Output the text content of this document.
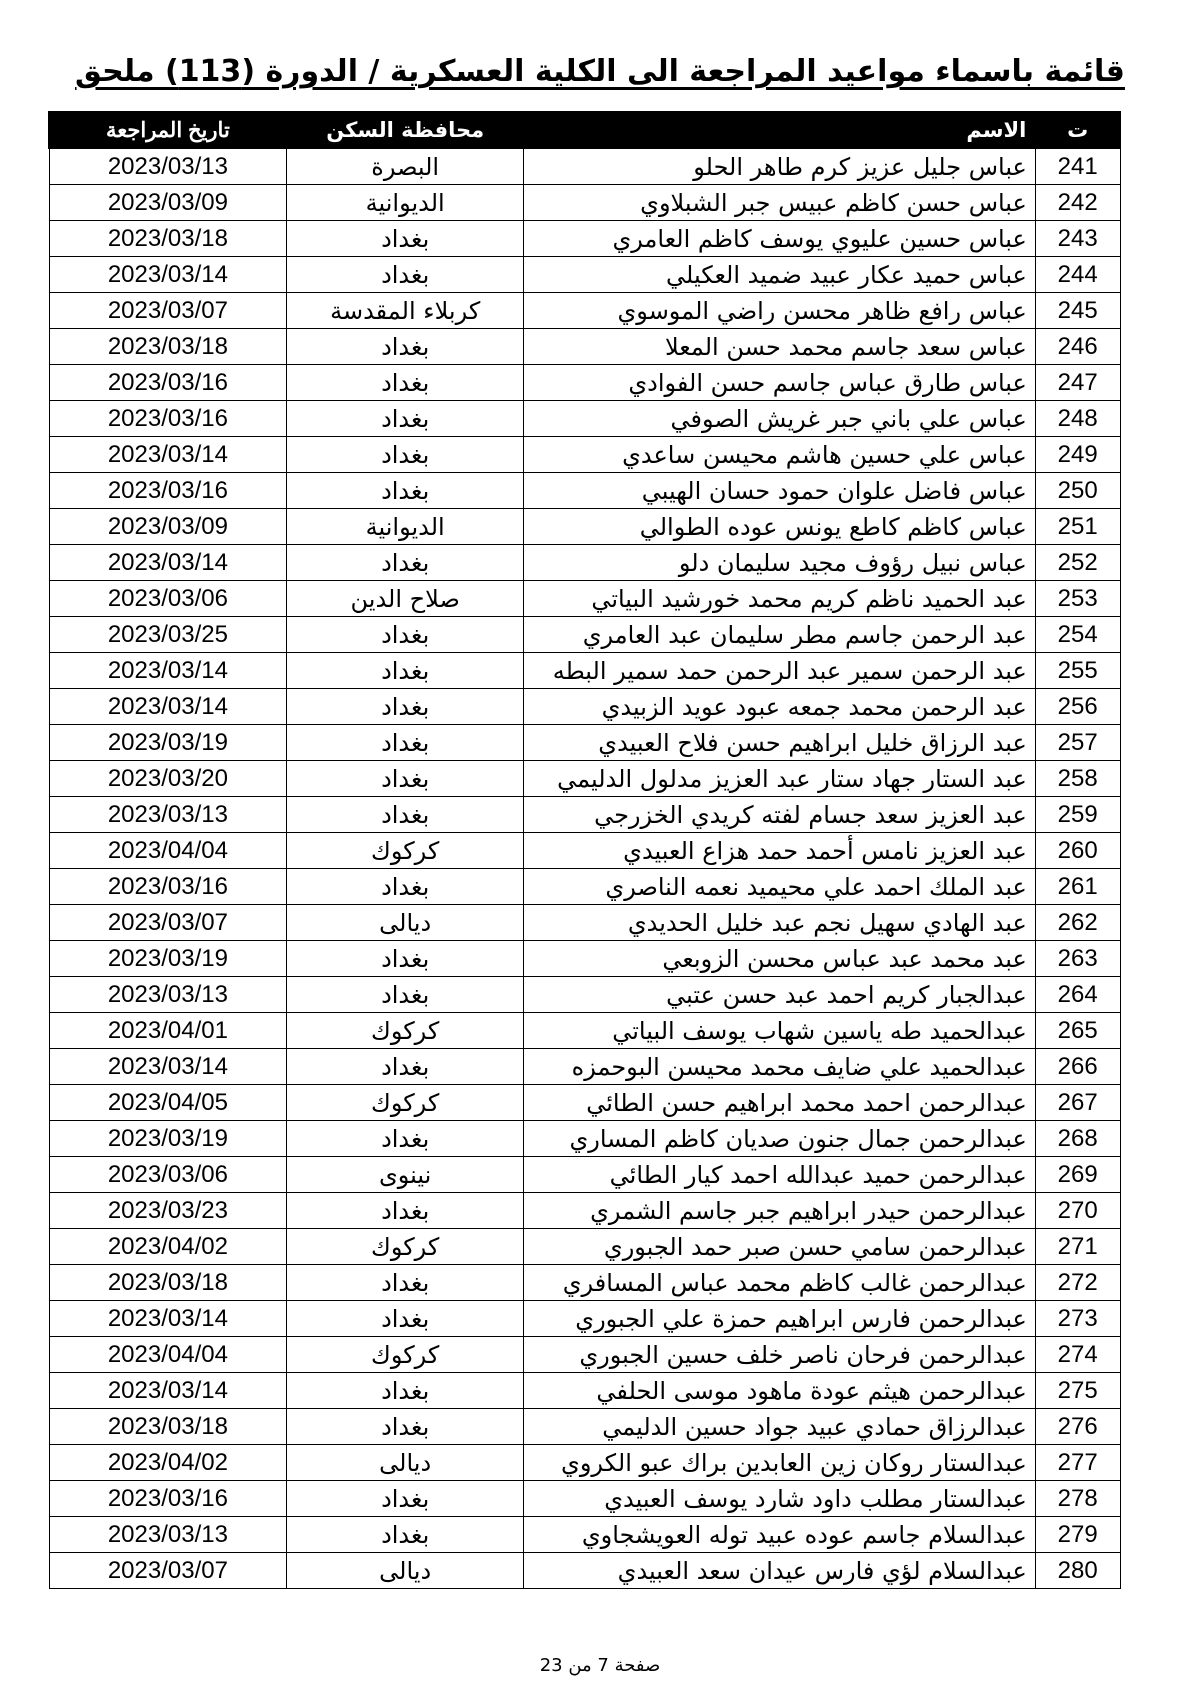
قائمة باسماء مواعيد المراجعة الى الكلية العسكرية / الدورة (113) ملحق
ت	الاسم	محافظة السكن	تاريخ المراجعة
241	عباس جليل عزيز كرم طاهر الحلو	البصرة	2023/03/13
242	عباس حسن كاظم عبيس جبر الشبلاوي	الديوانية	2023/03/09
243	عباس حسين عليوي يوسف كاظم العامري	بغداد	2023/03/18
244	عباس حميد عكار عبيد ضميد العكيلي	بغداد	2023/03/14
245	عباس رافع ظاهر محسن راضي الموسوي	كربلاء المقدسة	2023/03/07
246	عباس سعد جاسم محمد حسن المعلا	بغداد	2023/03/18
247	عباس طارق عباس جاسم حسن الفوادي	بغداد	2023/03/16
248	عباس علي باني جبر غريش الصوفي	بغداد	2023/03/16
249	عباس علي حسين هاشم محيسن ساعدي	بغداد	2023/03/14
250	عباس فاضل علوان حمود حسان الهيبي	بغداد	2023/03/16
251	عباس كاظم كاطع يونس عوده الطوالي	الديوانية	2023/03/09
252	عباس نبيل رؤوف مجيد سليمان دلو	بغداد	2023/03/14
253	عبد الحميد ناظم كريم محمد خورشيد البياتي	صلاح الدين	2023/03/06
254	عبد الرحمن جاسم مطر سليمان عبد العامري	بغداد	2023/03/25
255	عبد الرحمن سمير عبد الرحمن حمد سمير البطه	بغداد	2023/03/14
256	عبد الرحمن محمد جمعه عبود عويد الزبيدي	بغداد	2023/03/14
257	عبد الرزاق خليل ابراهيم حسن فلاح العبيدي	بغداد	2023/03/19
258	عبد الستار جهاد ستار عبد العزيز مدلول الدليمي	بغداد	2023/03/20
259	عبد العزيز سعد جسام لفته كريدي الخزرجي	بغداد	2023/03/13
260	عبد العزيز نامس أحمد حمد هزاع العبيدي	كركوك	2023/04/04
261	عبد الملك احمد علي محيميد نعمه الناصري	بغداد	2023/03/16
262	عبد الهادي سهيل نجم عبد خليل الحديدي	ديالى	2023/03/07
263	عبد محمد عبد عباس محسن الزوبعي	بغداد	2023/03/19
264	عبدالجبار كريم احمد عبد حسن عتبي	بغداد	2023/03/13
265	عبدالحميد طه ياسين شهاب يوسف البياتي	كركوك	2023/04/01
266	عبدالحميد علي ضايف محمد محيسن البوحمزه	بغداد	2023/03/14
267	عبدالرحمن احمد محمد ابراهيم حسن الطائي	كركوك	2023/04/05
268	عبدالرحمن جمال جنون صديان كاظم المساري	بغداد	2023/03/19
269	عبدالرحمن حميد عبدالله احمد كيار الطائي	نينوى	2023/03/06
270	عبدالرحمن حيدر ابراهيم جبر جاسم الشمري	بغداد	2023/03/23
271	عبدالرحمن سامي حسن صبر حمد الجبوري	كركوك	2023/04/02
272	عبدالرحمن غالب كاظم محمد عباس المسافري	بغداد	2023/03/18
273	عبدالرحمن فارس ابراهيم حمزة علي الجبوري	بغداد	2023/03/14
274	عبدالرحمن فرحان ناصر خلف حسين الجبوري	كركوك	2023/04/04
275	عبدالرحمن هيثم عودة ماهود موسى الحلفي	بغداد	2023/03/14
276	عبدالرزاق حمادي عبيد جواد حسين الدليمي	بغداد	2023/03/18
277	عبدالستار روكان زين العابدين براك عبو الكروي	ديالى	2023/04/02
278	عبدالستار مطلب داود شارد يوسف العبيدي	بغداد	2023/03/16
279	عبدالسلام جاسم عوده عبيد توله العويشجاوي	بغداد	2023/03/13
280	عبدالسلام لؤي فارس عيدان سعد العبيدي	ديالى	2023/03/07
صفحة 7 من 23
